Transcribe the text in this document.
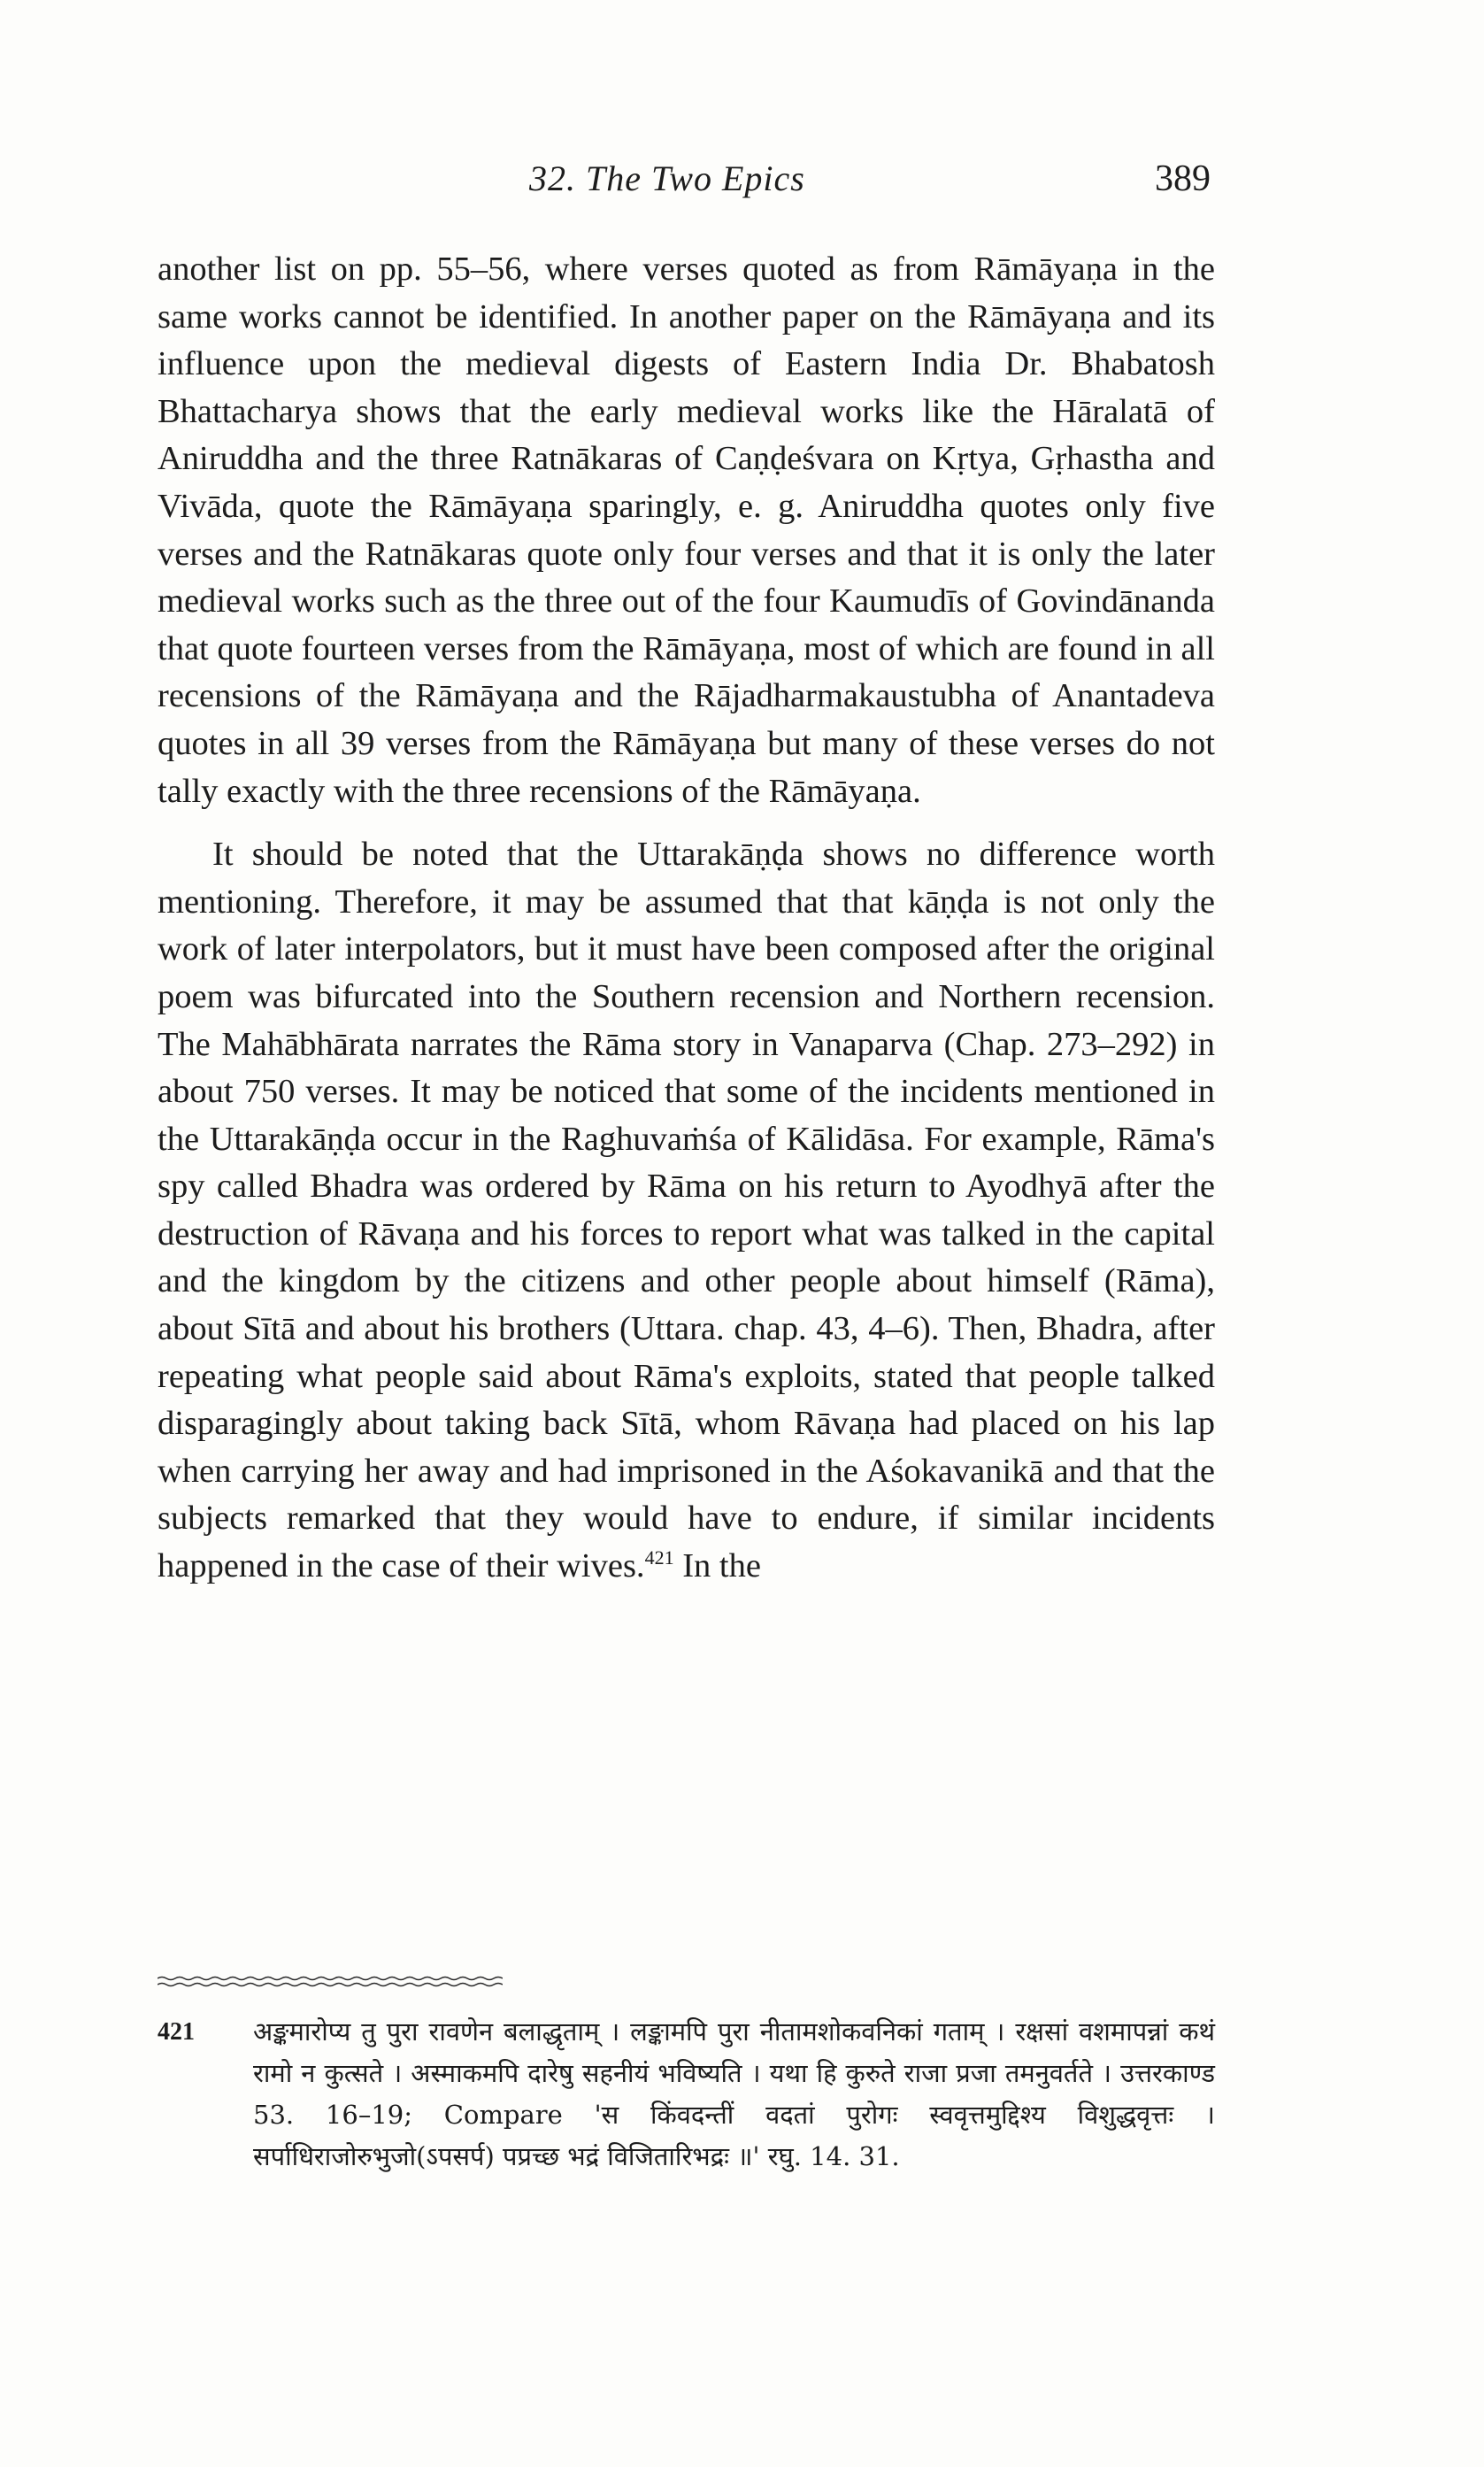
32. The Two Epics	389

another list on pp. 55–56, where verses quoted as from Rāmāyaṇa in the same works cannot be identified. In another paper on the Rāmāyaṇa and its influence upon the medieval digests of Eastern India Dr. Bhabatosh Bhattacharya shows that the early medieval works like the Hāralatā of Aniruddha and the three Ratnākaras of Caṇḍeśvara on Kṛtya, Gṛhastha and Vivāda, quote the Rāmāyaṇa sparingly, e. g. Aniruddha quotes only five verses and the Ratnākaras quote only four verses and that it is only the later medieval works such as the three out of the four Kaumudīs of Govindānanda that quote fourteen verses from the Rāmāyaṇa, most of which are found in all recensions of the Rāmāyaṇa and the Rājadharmakaustubha of Anantadeva quotes in all 39 verses from the Rāmāyaṇa but many of these verses do not tally exactly with the three recensions of the Rāmāyaṇa.

It should be noted that the Uttarakāṇḍa shows no difference worth mentioning. Therefore, it may be assumed that that kāṇḍa is not only the work of later interpolators, but it must have been composed after the original poem was bifurcated into the Southern recension and Northern recension. The Mahābhārata narrates the Rāma story in Vanaparva (Chap. 273–292) in about 750 verses. It may be noticed that some of the incidents mentioned in the Uttarakāṇḍa occur in the Raghuvaṁśa of Kālidāsa. For example, Rāma's spy called Bhadra was ordered by Rāma on his return to Ayodhyā after the destruction of Rāvaṇa and his forces to report what was talked in the capital and the kingdom by the citizens and other people about himself (Rāma), about Sītā and about his brothers (Uttara. chap. 43, 4–6). Then, Bhadra, after repeating what people said about Rāma's exploits, stated that people talked disparagingly about taking back Sītā, whom Rāvaṇa had placed on his lap when carrying her away and had imprisoned in the Aśokavanikā and that the subjects remarked that they would have to endure, if similar incidents happened in the case of their wives.$^{421}$ In the

421 अङ्कमारोप्य तु पुरा रावणेन बलाद्धृताम् । लङ्कामपि पुरा नीतामशोकवनिकां गताम् । रक्षसां वशमापन्नां कथं रामो न कुत्सते । अस्माकमपि दारेषु सहनीयं भविष्यति । यथा हि कुरुते राजा प्रजा तमनुवर्तते । उत्तरकाण्ड 53. 16–19; Compare 'स किंवदन्तीं वदतां पुरोगः स्ववृत्तमुद्दिश्य विशुद्धवृत्तः । सर्पाधिराजोरुभुजो(ऽपसर्प) पप्रच्छ भद्रं विजितारिभद्रः ॥' रघु. 14. 31.
